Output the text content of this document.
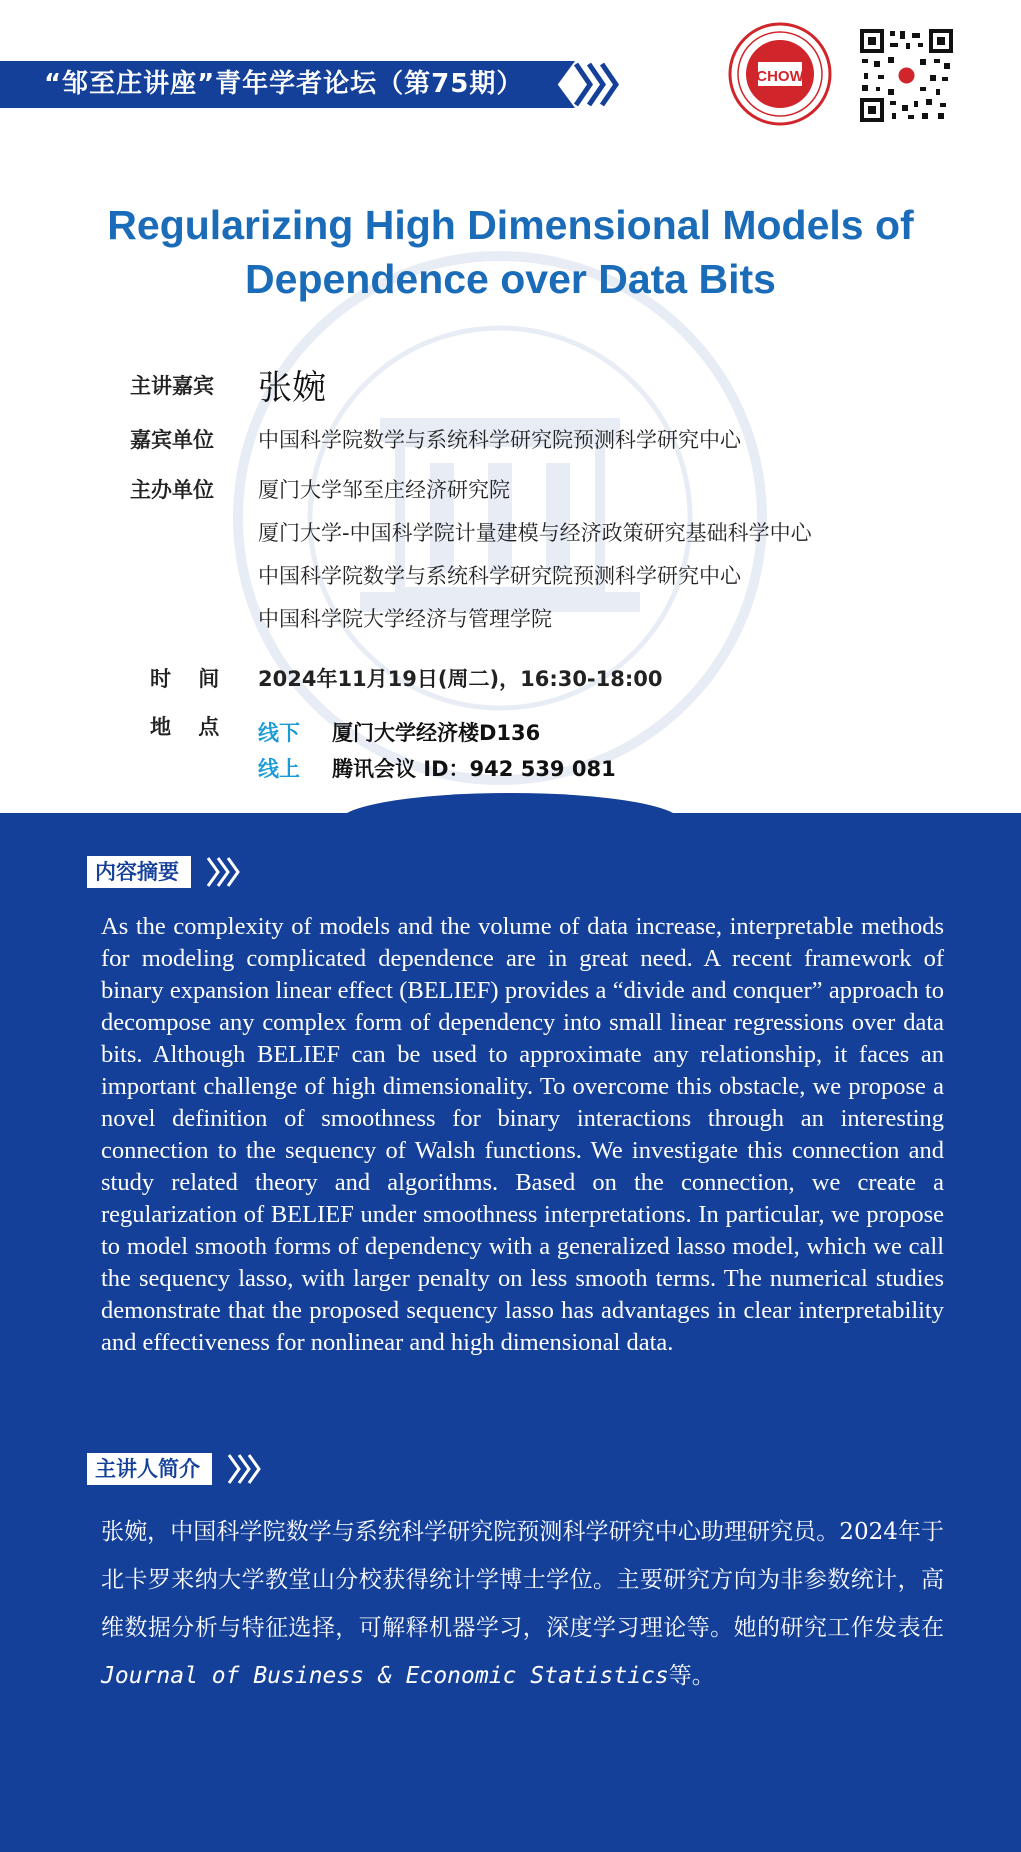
“邹至庄讲座”青年学者论坛（第75期）	CHOW
Regularizing High Dimensional Models of Dependence over Data Bits
主讲嘉宾	张婉
嘉宾单位	中国科学院数学与系统科学研究院预测科学研究中心
主办单位	厦门大学邹至庄经济研究院
厦门大学-中国科学院计量建模与经济政策研究基础科学中心
中国科学院数学与系统科学研究院预测科学研究中心
中国科学院大学经济与管理学院
时 间	2024年11月19日(周二)，16:30-18:00
地 点	线下 厦门大学经济楼D136
线上 腾讯会议 ID：942 539 081
内容摘要
As the complexity of models and the volume of data increase, interpretable methods for modeling complicated dependence are in great need. A recent framework of binary expansion linear effect (BELIEF) provides a “divide and conquer” approach to decompose any complex form of dependency into small linear regressions over data bits. Although BELIEF can be used to approximate any relationship, it faces an important challenge of high dimensionality. To overcome this obstacle, we propose a novel definition of smoothness for binary interactions through an interesting connection to the sequency of Walsh functions. We investigate this connection and study related theory and algorithms. Based on the connection, we create a regularization of BELIEF under smoothness interpretations. In particular, we propose to model smooth forms of dependency with a generalized lasso model, which we call the sequency lasso, with larger penalty on less smooth terms. The numerical studies demonstrate that the proposed sequency lasso has advantages in clear interpretability and effectiveness for nonlinear and high dimensional data.
主讲人简介
张婉，中国科学院数学与系统科学研究院预测科学研究中心助理研究员。2024年于北卡罗来纳大学教堂山分校获得统计学博士学位。主要研究方向为非参数统计，高维数据分析与特征选择，可解释机器学习，深度学习理论等。她的研究工作发表在Journal of Business & Economic Statistics等。
